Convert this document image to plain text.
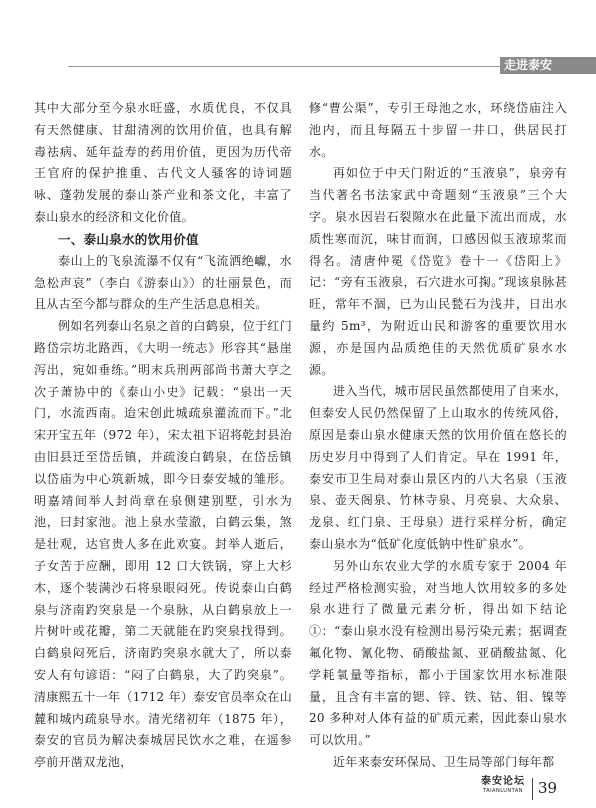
走进泰安

其中大部分至今泉水旺盛，水质优良，不仅具有天然健康、甘甜清冽的饮用价值，也具有解毒祛病、延年益寿的药用价值，更因为历代帝王官府的保护推重、古代文人骚客的诗词题咏、蓬勃发展的泰山茶产业和茶文化，丰富了泰山泉水的经济和文化价值。

一、泰山泉水的饮用价值

泰山上的飞泉流瀑不仅有“飞流洒绝巘，水急松声哀”（李白《游泰山》）的壮丽景色，而且从古至今都与群众的生产生活息息相关。

例如名列泰山名泉之首的白鹤泉，位于红门路岱宗坊北路西，《大明一统志》形容其“悬崖泻出，宛如垂练。”明末兵刑两部尚书萧大亨之次子萧协中的《泰山小史》记载：“泉出一天门，水流西南。迨宋创此城疏泉灌流而下。”北宋开宝五年（972 年），宋太祖下诏将乾封县治由旧县迁至岱岳镇，并疏浚白鹤泉，在岱岳镇以岱庙为中心筑新城，即今日泰安城的雏形。明嘉靖间举人封尚章在泉侧建别墅，引水为池，曰封家池。池上泉水莹澈，白鹤云集，煞是壮观，达官贵人多在此欢宴。封举人逝后，子女苦于应酬，即用 12 口大铁锅，穿上大杉木，逐个装满沙石将泉眼闷死。传说泰山白鹤泉与济南趵突泉是一个泉脉，从白鹤泉放上一片树叶或花瓣，第二天就能在趵突泉找得到。白鹤泉闷死后，济南趵突泉水就大了，所以泰安人有句谚语：“闷了白鹤泉，大了趵突泉”。清康熙五十一年（1712 年）泰安官员率众在山麓和城内疏泉导水。清光绪初年（1875 年），泰安的官员为解决泰城居民饮水之难，在遥参亭前开凿双龙池，

修“曹公渠”，专引王母池之水，环绕岱庙注入池内，而且每隔五十步留一井口，供居民打水。

再如位于中天门附近的“玉液泉”，泉旁有当代著名书法家武中奇题刻“玉液泉”三个大字。泉水因岩石裂隙水在此量下流出而成，水质性寒而沉，味甘而润，口感因似玉液琼浆而得名。清唐仲冕《岱览》卷十一《岱阳上》记：“旁有玉液泉，石穴进水可掬。”现该泉脉甚旺，常年不涸，已为山民甃石为浅井，日出水量约 5m³，为附近山民和游客的重要饮用水源，亦是国内品质绝佳的天然优质矿泉水水源。

进入当代，城市居民虽然都使用了自来水，但泰安人民仍然保留了上山取水的传统风俗，原因是泰山泉水健康天然的饮用价值在悠长的历史岁月中得到了人们肯定。早在 1991 年，泰安市卫生局对泰山景区内的八大名泉（玉液泉、壶天阁泉、竹林寺泉、月亮泉、大众泉、龙泉、红门泉、王母泉）进行采样分析，确定泰山泉水为“低矿化度低钠中性矿泉水”。

另外山东农业大学的水质专家于 2004 年经过严格检测实验，对当地人饮用较多的多处泉水进行了微量元素分析，得出如下结论①：“泰山泉水没有检测出易污染元素；据调查氟化物、氰化物、硝酸盐氮、亚硝酸盐氮、化学耗氧量等指标，都小于国家饮用水标准限量，且含有丰富的锶、锌、铁、钴、钼、镍等 20 多种对人体有益的矿质元素，因此泰山泉水可以饮用。”

近年来泰安环保局、卫生局等部门每年都

泰安论坛
TAIANLUNTAN 39
